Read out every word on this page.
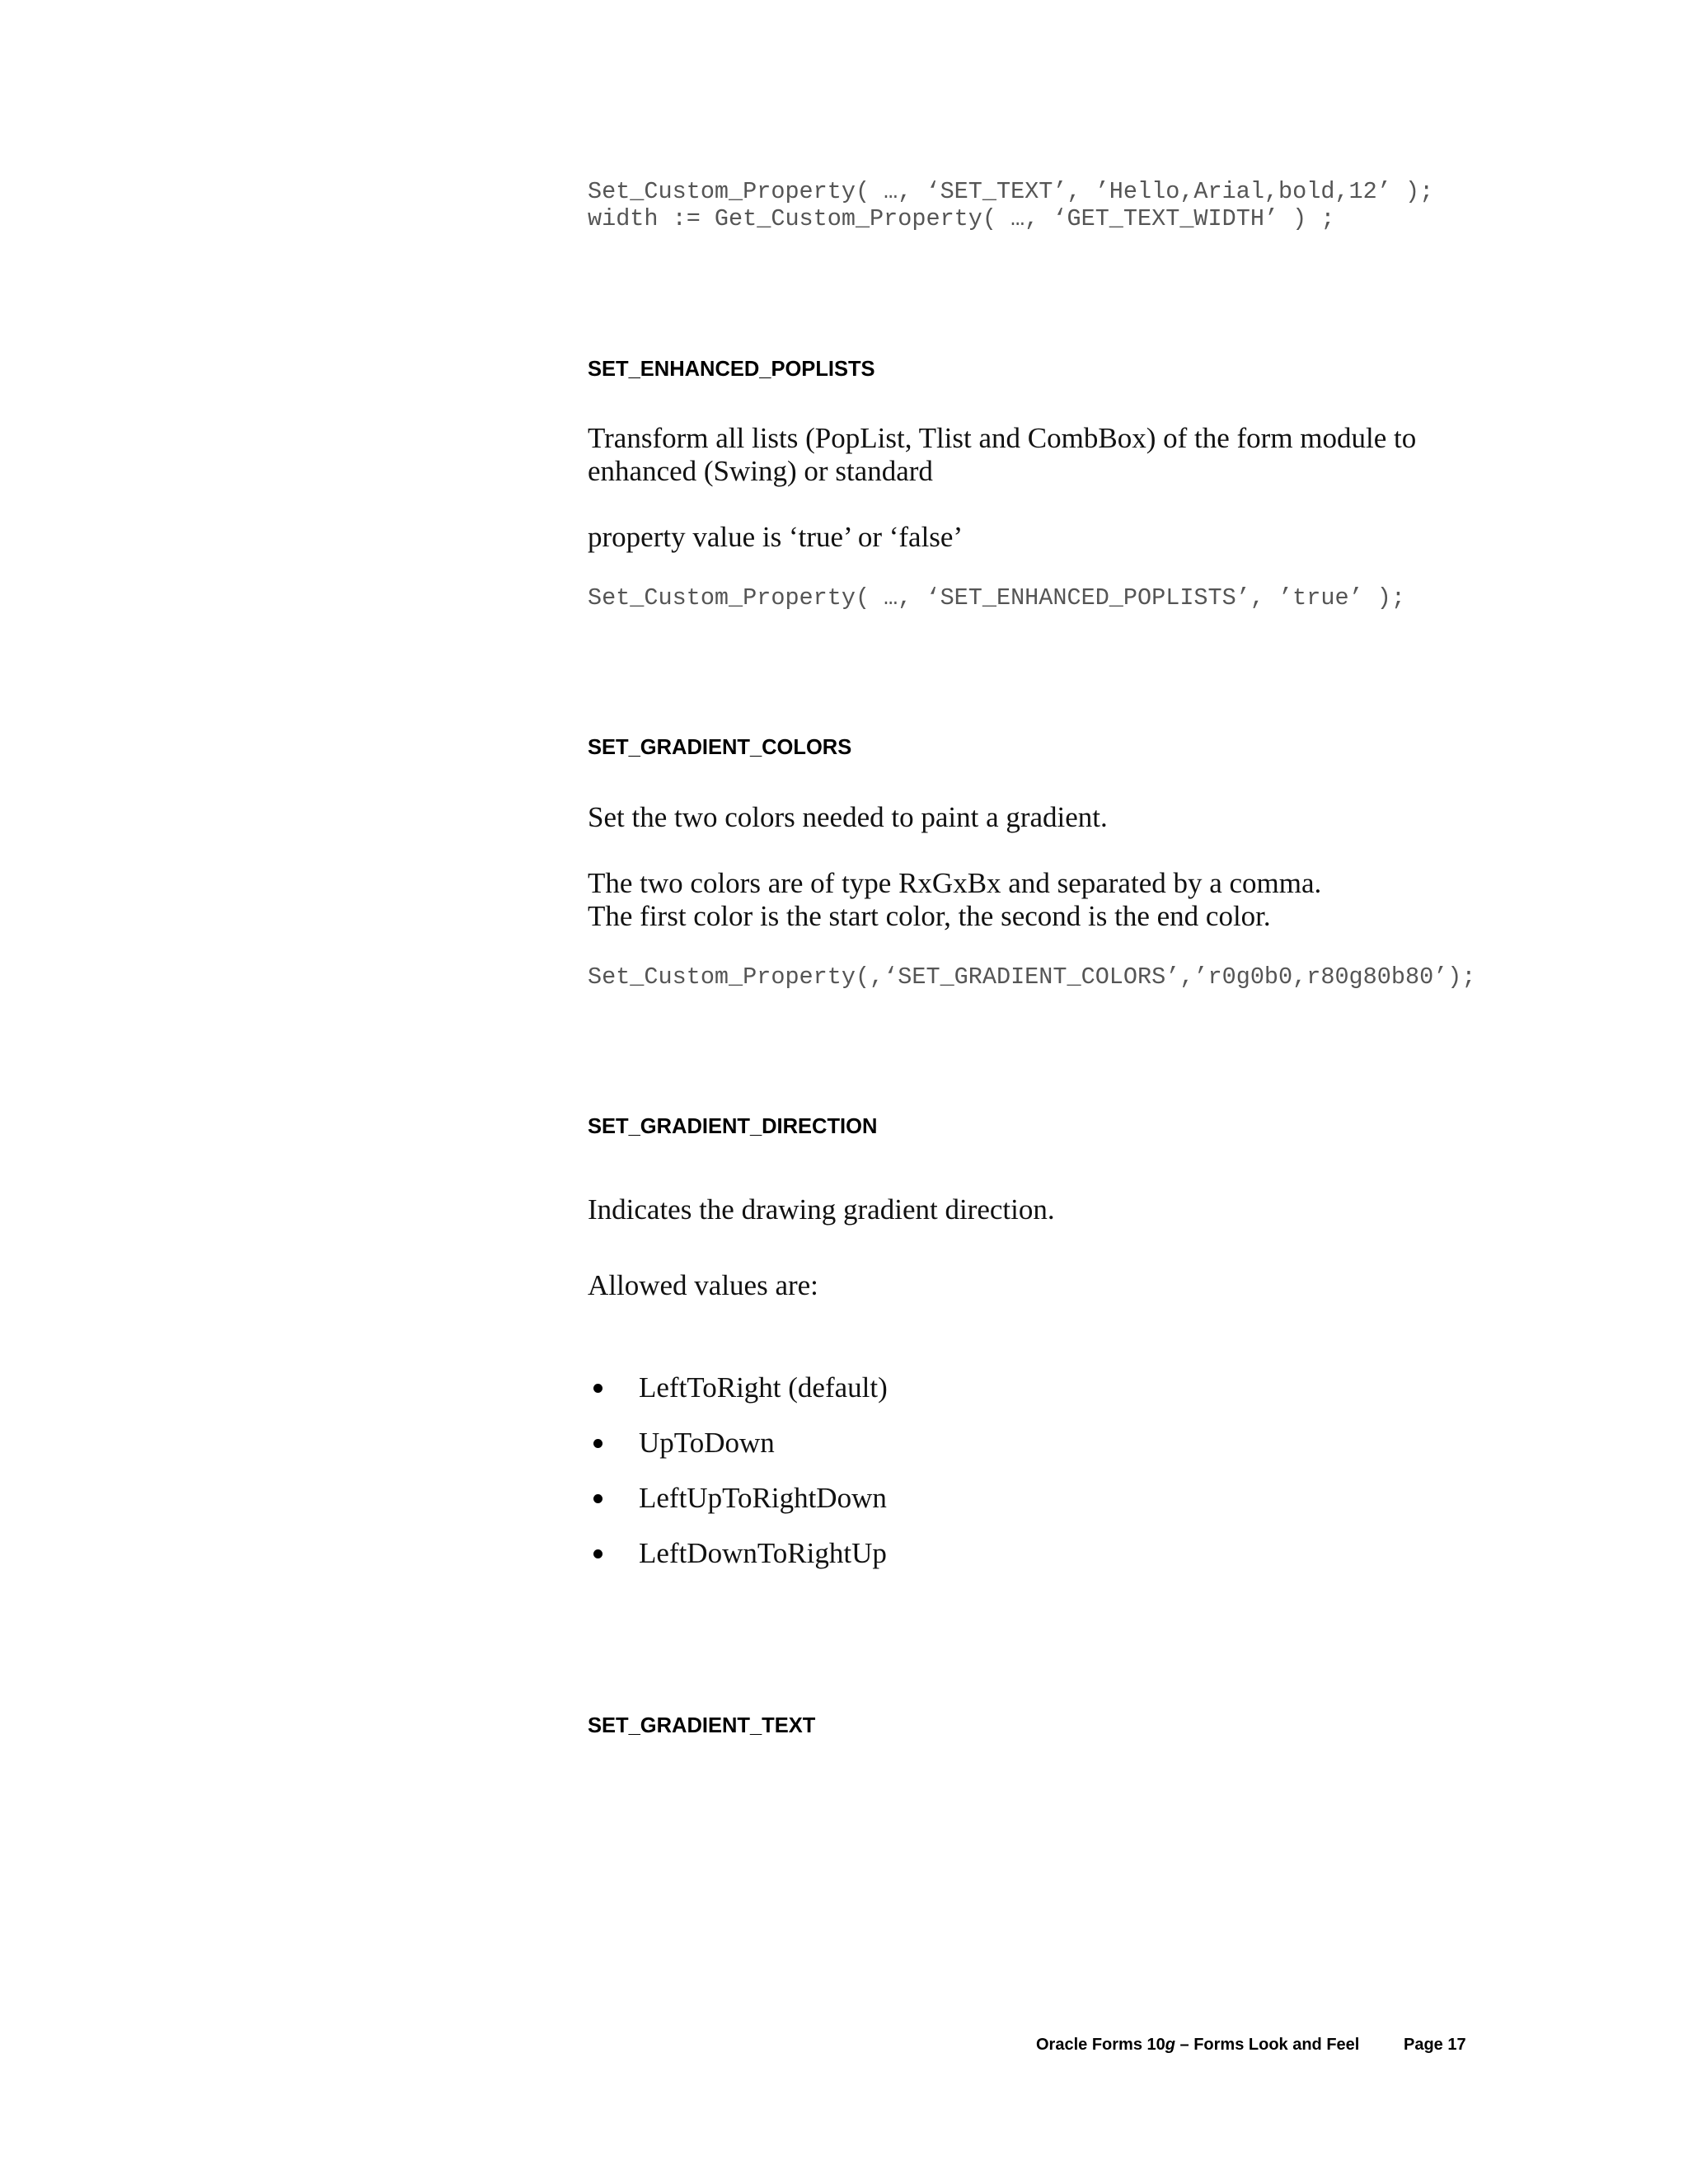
Set_Custom_Property( …, ‘SET_TEXT’, ’Hello,Arial,bold,12’ );
width := Get_Custom_Property( …, ‘GET_TEXT_WIDTH’ ) ;
SET_ENHANCED_POPLISTS
Transform all lists (PopList, Tlist and CombBox) of the form module to enhanced (Swing) or standard
property value is ‘true’ or ‘false’
Set_Custom_Property( …, ‘SET_ENHANCED_POPLISTS’, ’true’ );
SET_GRADIENT_COLORS
Set the two colors needed to paint a gradient.
The two colors are of type RxGxBx and separated by a comma.
The first color is the start color, the second is the end color.
Set_Custom_Property(,‘SET_GRADIENT_COLORS’,’r0g0b0,r80g80b80’);
SET_GRADIENT_DIRECTION
Indicates the drawing gradient direction.
Allowed values are:
LeftToRight (default)
UpToDown
LeftUpToRightDown
LeftDownToRightUp
SET_GRADIENT_TEXT
Oracle Forms 10g – Forms Look and Feel	Page 17
